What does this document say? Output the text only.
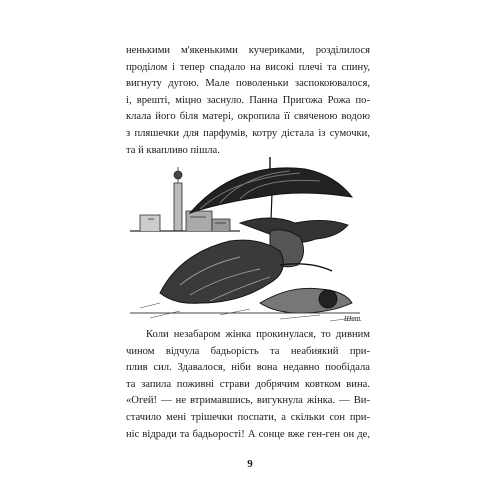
ненькими м'якенькими кучериками, розділилося
проділом і тепер спадало на високі плечі та спину,
вигнуту дугою. Мале поволеньки заспокоювалося,
і, врешті, міцно заснуло. Панна Пригожа Рожа по-
клала його біля матері, окропила її свяченою водою
з пляшечки для парфумів, котру дістала із сумочки,
та й квапливо пішла.

Шиш.

Коли незабаром жінка прокинулася, то дивним
чином відчула бадьорість та неабиякий при-
плив сил. Здавалося, ніби вона недавно пообідала
та запила поживні страви добрячим ковтком вина.
«Огей! — не втримавшись, вигукнула жінка. — Ви-
стачило мені трішечки поспати, а скільки сон при-
ніс відради та бадьорості! А сонце вже ген-ген он де,

9
